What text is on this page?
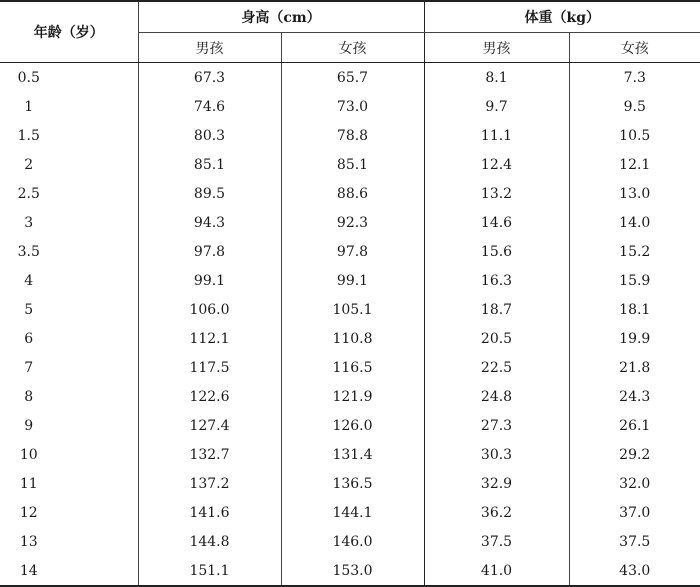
年龄（岁）	身高（cm）		体重（kg）	
	男孩	女孩	男孩	女孩
0.5	67.3	65.7	8.1	7.3
1	74.6	73.0	9.7	9.5
1.5	80.3	78.8	11.1	10.5
2	85.1	85.1	12.4	12.1
2.5	89.5	88.6	13.2	13.0
3	94.3	92.3	14.6	14.0
3.5	97.8	97.8	15.6	15.2
4	99.1	99.1	16.3	15.9
5	106.0	105.1	18.7	18.1
6	112.1	110.8	20.5	19.9
7	117.5	116.5	22.5	21.8
8	122.6	121.9	24.8	24.3
9	127.4	126.0	27.3	26.1
10	132.7	131.4	30.3	29.2
11	137.2	136.5	32.9	32.0
12	141.6	144.1	36.2	37.0
13	144.8	146.0	37.5	37.5
14	151.1	153.0	41.0	43.0
